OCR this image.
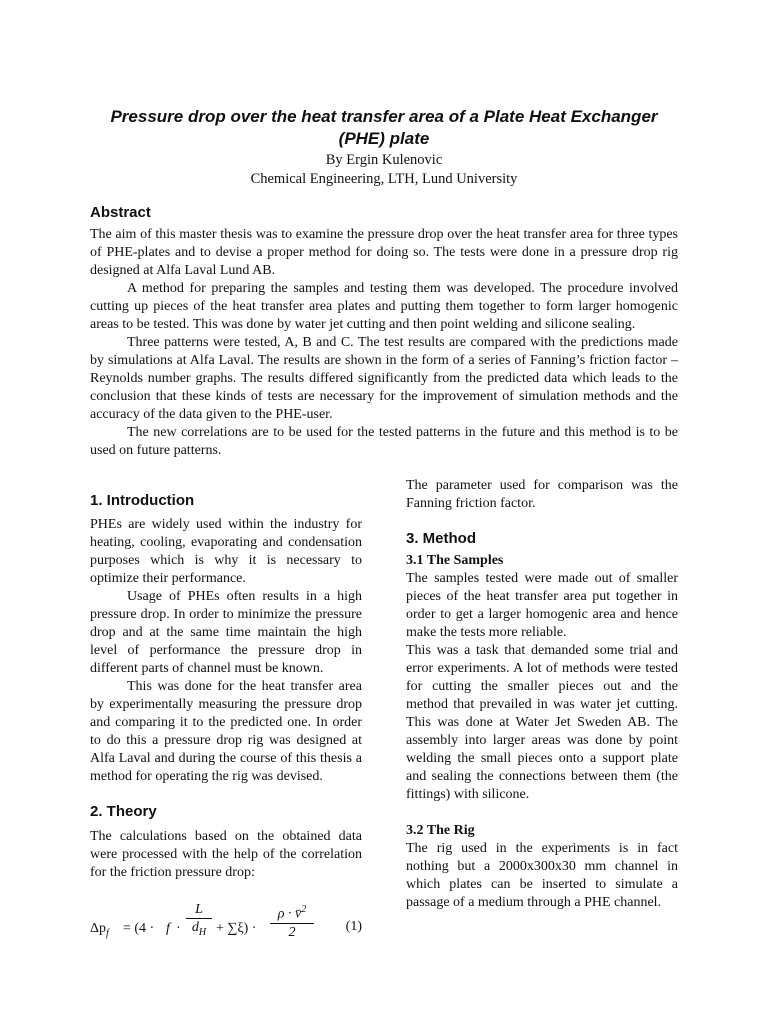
Pressure drop over the heat transfer area of a Plate Heat Exchanger (PHE) plate
By Ergin Kulenovic
Chemical Engineering, LTH, Lund University
Abstract

The aim of this master thesis was to examine the pressure drop over the heat transfer area for three types of PHE-plates and to devise a proper method for doing so. The tests were done in a pressure drop rig designed at Alfa Laval Lund AB.

A method for preparing the samples and testing them was developed. The procedure involved cutting up pieces of the heat transfer area plates and putting them together to form larger homogenic areas to be tested. This was done by water jet cutting and then point welding and silicone sealing.

Three patterns were tested, A, B and C. The test results are compared with the predictions made by simulations at Alfa Laval. The results are shown in the form of a series of Fanning’s friction factor – Reynolds number graphs. The results differed significantly from the predicted data which leads to the conclusion that these kinds of tests are necessary for the improvement of simulation methods and the accuracy of the data given to the PHE-user.

The new correlations are to be used for the tested patterns in the future and this method is to be used on future patterns.

1. Introduction

PHEs are widely used within the industry for heating, cooling, evaporating and condensation purposes which is why it is necessary to optimize their performance.

Usage of PHEs often results in a high pressure drop. In order to minimize the pressure drop and at the same time maintain the high level of performance the pressure drop in different parts of channel must be known.

This was done for the heat transfer area by experimentally measuring the pressure drop and comparing it to the predicted one. In order to do this a pressure drop rig was designed at Alfa Laval and during the course of this thesis a method for operating the rig was devised.

2. Theory

The calculations based on the obtained data were processed with the help of the correlation for the friction pressure drop:

$\Delta p_f = (4 \cdot f \cdot \frac{L}{d_H} + \sum\xi) \cdot \frac{\rho \cdot v̄^2}{2} (1)$

The parameter used for comparison was the Fanning friction factor.

3. Method
3.1 The Samples

The samples tested were made out of smaller pieces of the heat transfer area put together in order to get a larger homogenic area and hence make the tests more reliable.

This was a task that demanded some trial and error experiments. A lot of methods were tested for cutting the smaller pieces out and the method that prevailed in was water jet cutting. This was done at Water Jet Sweden AB. The assembly into larger areas was done by point welding the small pieces onto a support plate and sealing the connections between them (the fittings) with silicone.

3.2 The Rig

The rig used in the experiments is in fact nothing but a 2000x300x30 mm channel in which plates can be inserted to simulate a passage of a medium through a PHE channel.
